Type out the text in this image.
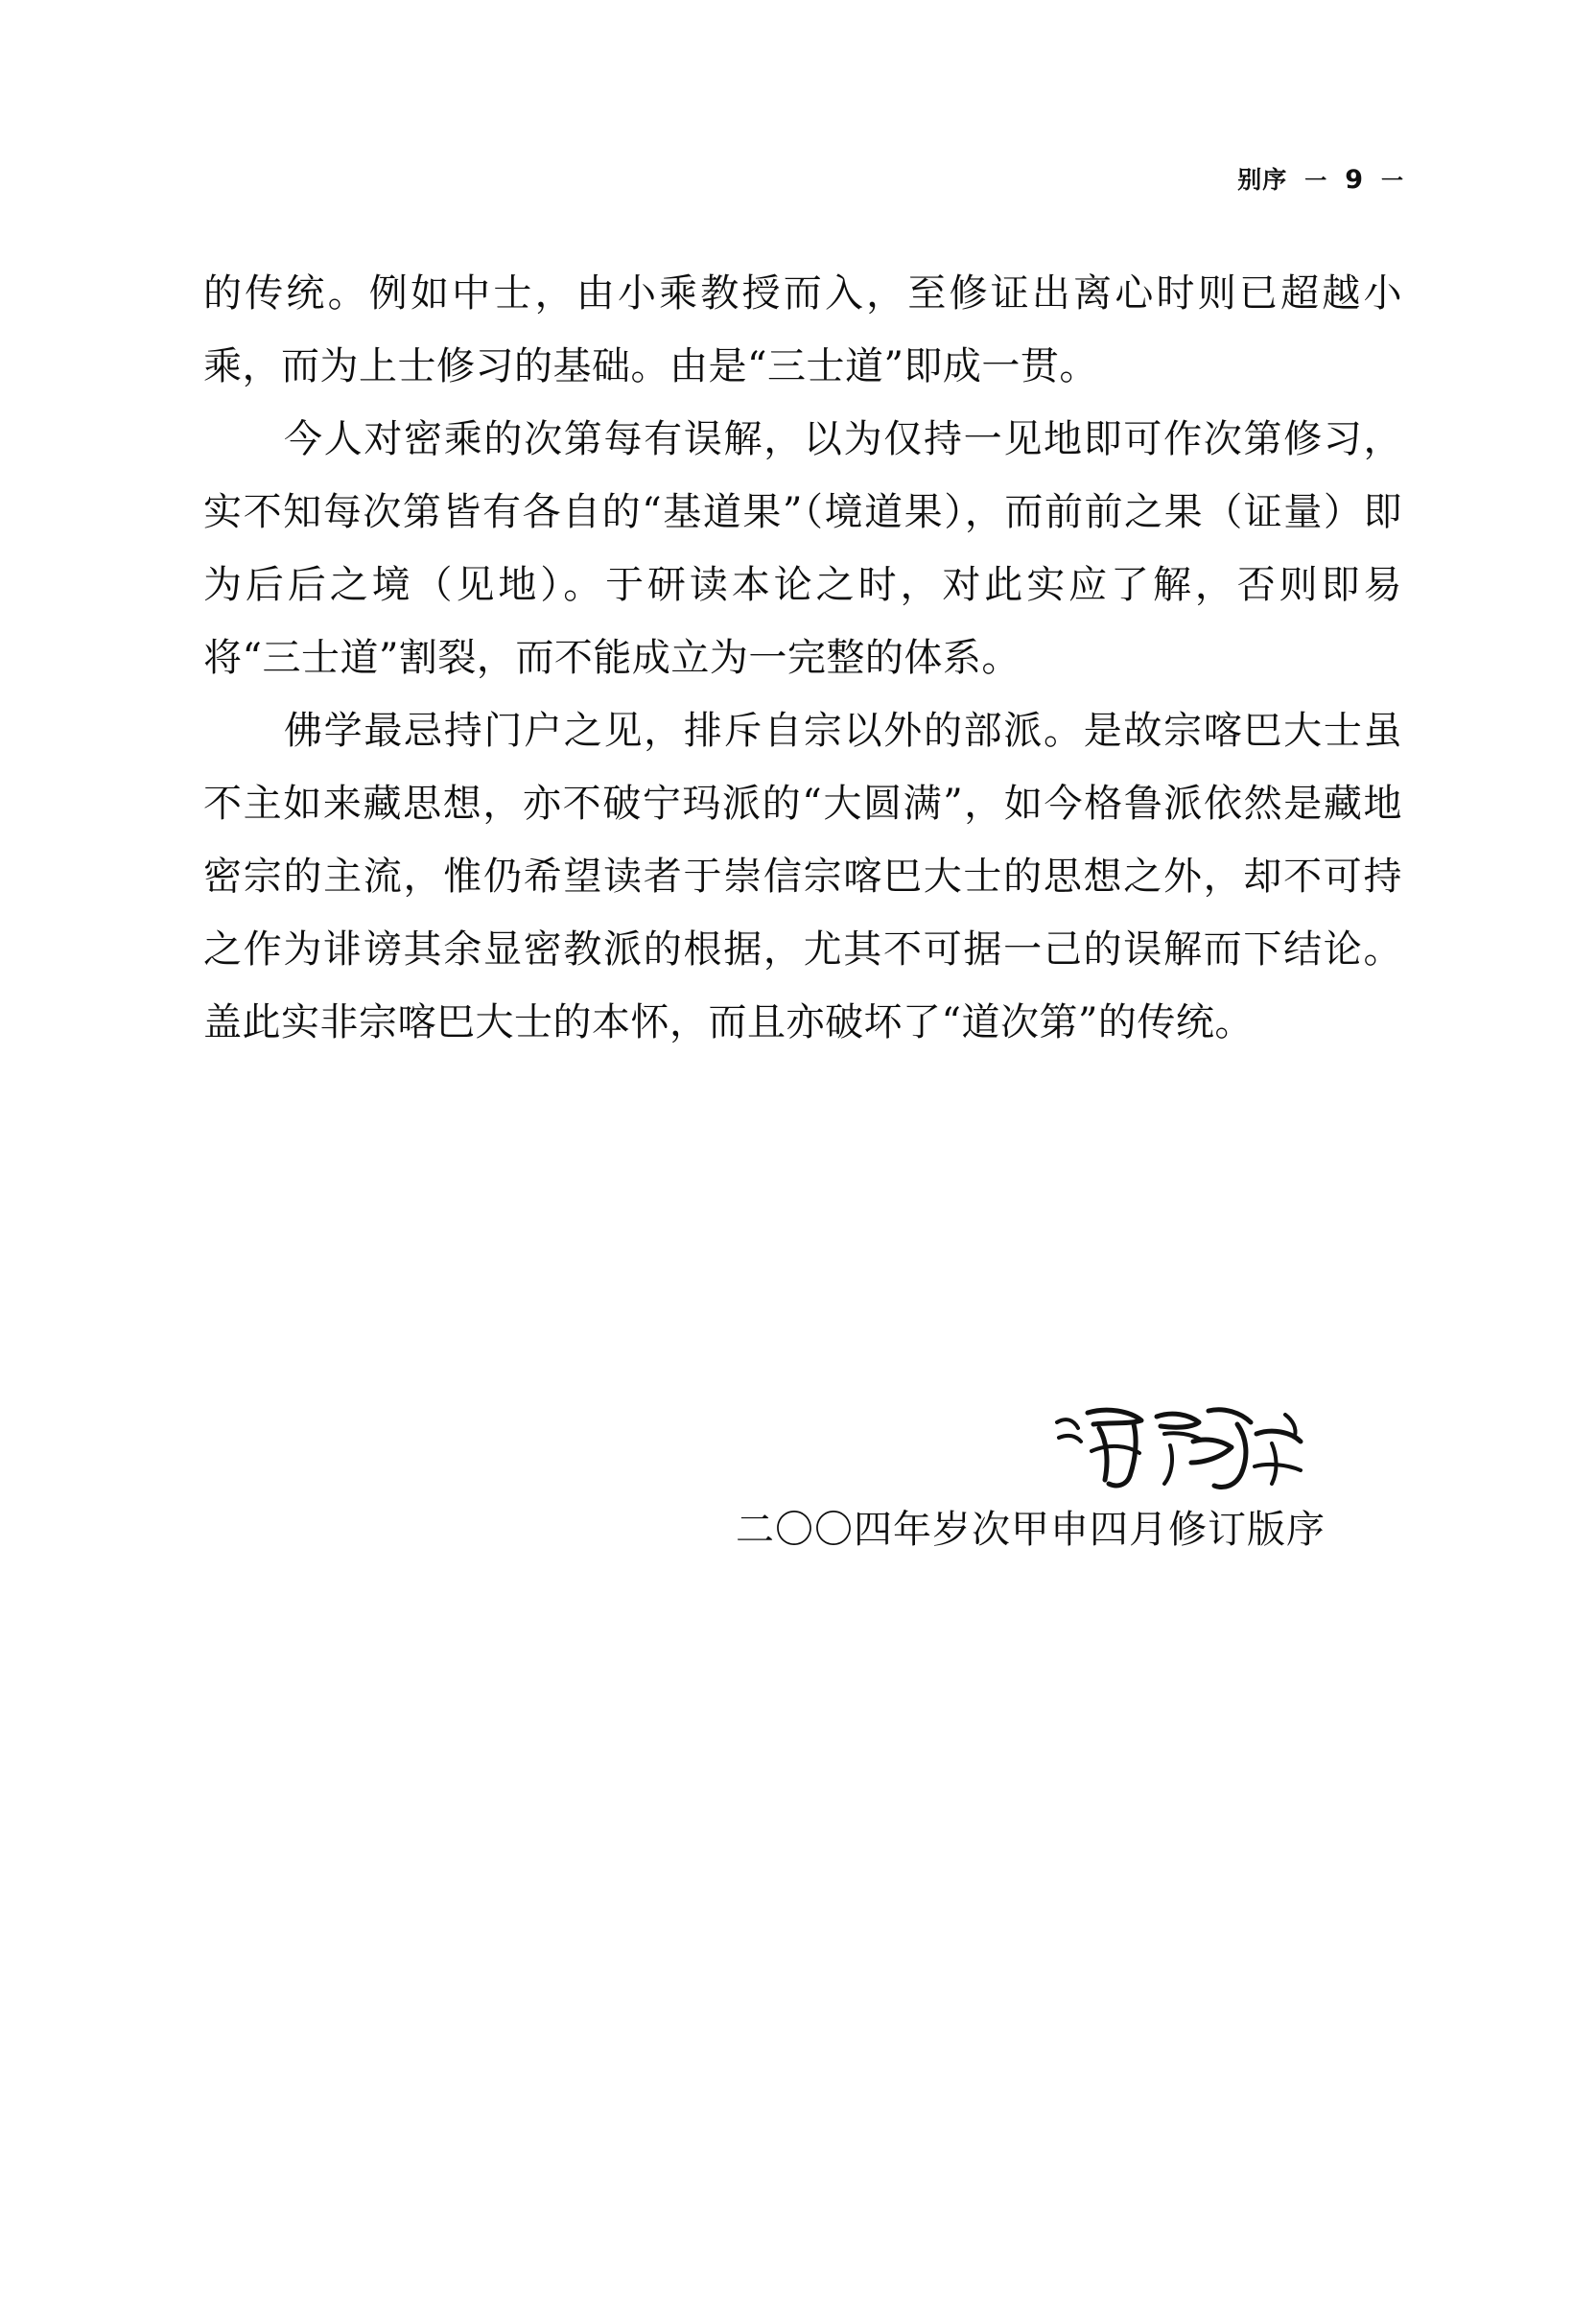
别序 一 9 一

的传统。例如中士，由小乘教授而入，至修证出离心时则已超越小乘，而为上士修习的基础。由是“三士道”即成一贯。

今人对密乘的次第每有误解，以为仅持一见地即可作次第修习，实不知每次第皆有各自的“基道果”（境道果），而前前之果（证量）即为后后之境（见地）。于研读本论之时，对此实应了解，否则即易将“三士道”割裂，而不能成立为一完整的体系。

佛学最忌持门户之见，排斥自宗以外的部派。是故宗喀巴大士虽不主如来藏思想，亦不破宁玛派的“大圆满”，如今格鲁派依然是藏地密宗的主流，惟仍希望读者于崇信宗喀巴大士的思想之外，却不可持之作为诽谤其余显密教派的根据，尤其不可据一己的误解而下结论。盖此实非宗喀巴大士的本怀，而且亦破坏了“道次第”的传统。

二〇〇四年岁次甲申四月修订版序
